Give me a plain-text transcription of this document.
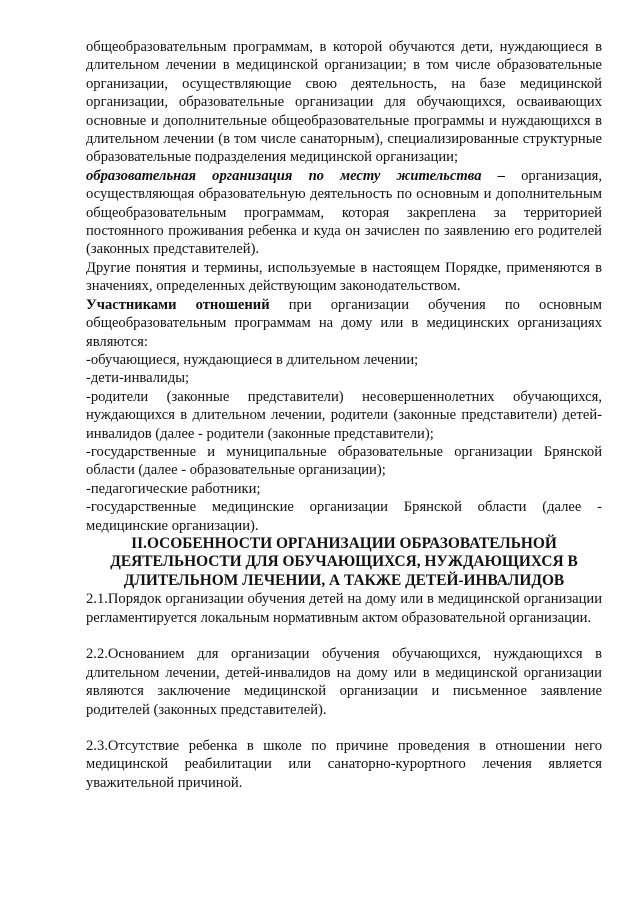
общеобразовательным программам, в которой обучаются дети, нуждающиеся в длительном лечении в медицинской организации; в том числе образовательные организации, осуществляющие свою деятельность, на базе медицинской организации, образовательные организации для обучающихся, осваивающих основные и дополнительные общеобразовательные программы и нуждающихся в длительном лечении (в том числе санаторным), специализированные структурные образовательные подразделения медицинской организации;

образовательная организация по месту жительства – организация, осуществляющая образовательную деятельность по основным и дополнительным общеобразовательным программам, которая закреплена за территорией постоянного проживания ребенка и куда он зачислен по заявлению его родителей (законных представителей).

Другие понятия и термины, используемые в настоящем Порядке, применяются в значениях, определенных действующим законодательством.

Участниками отношений при организации обучения по основным общеобразовательным программам на дому или в медицинских организациях являются:

-обучающиеся, нуждающиеся в длительном лечении;

-дети-инвалиды;

-родители (законные представители) несовершеннолетних обучающихся, нуждающихся в длительном лечении, родители (законные представители) детей-инвалидов (далее - родители (законные представители);

-государственные и муниципальные образовательные организации Брянской области (далее - образовательные организации);

-педагогические работники;

-государственные медицинские организации Брянской области (далее - медицинские организации).

II.ОСОБЕННОСТИ ОРГАНИЗАЦИИ ОБРАЗОВАТЕЛЬНОЙ ДЕЯТЕЛЬНОСТИ ДЛЯ ОБУЧАЮЩИХСЯ, НУЖДАЮЩИХСЯ В ДЛИТЕЛЬНОМ ЛЕЧЕНИИ, А ТАКЖЕ ДЕТЕЙ-ИНВАЛИДОВ

2.1.Порядок организации обучения детей на дому или в медицинской организации регламентируется локальным нормативным актом образовательной организации.

2.2.Основанием для организации обучения обучающихся, нуждающихся в длительном лечении, детей-инвалидов на дому или в медицинской организации являются заключение медицинской организации и письменное заявление родителей (законных представителей).

2.3.Отсутствие ребенка в школе по причине проведения в отношении него медицинской реабилитации или санаторно-курортного лечения является уважительной причиной.
